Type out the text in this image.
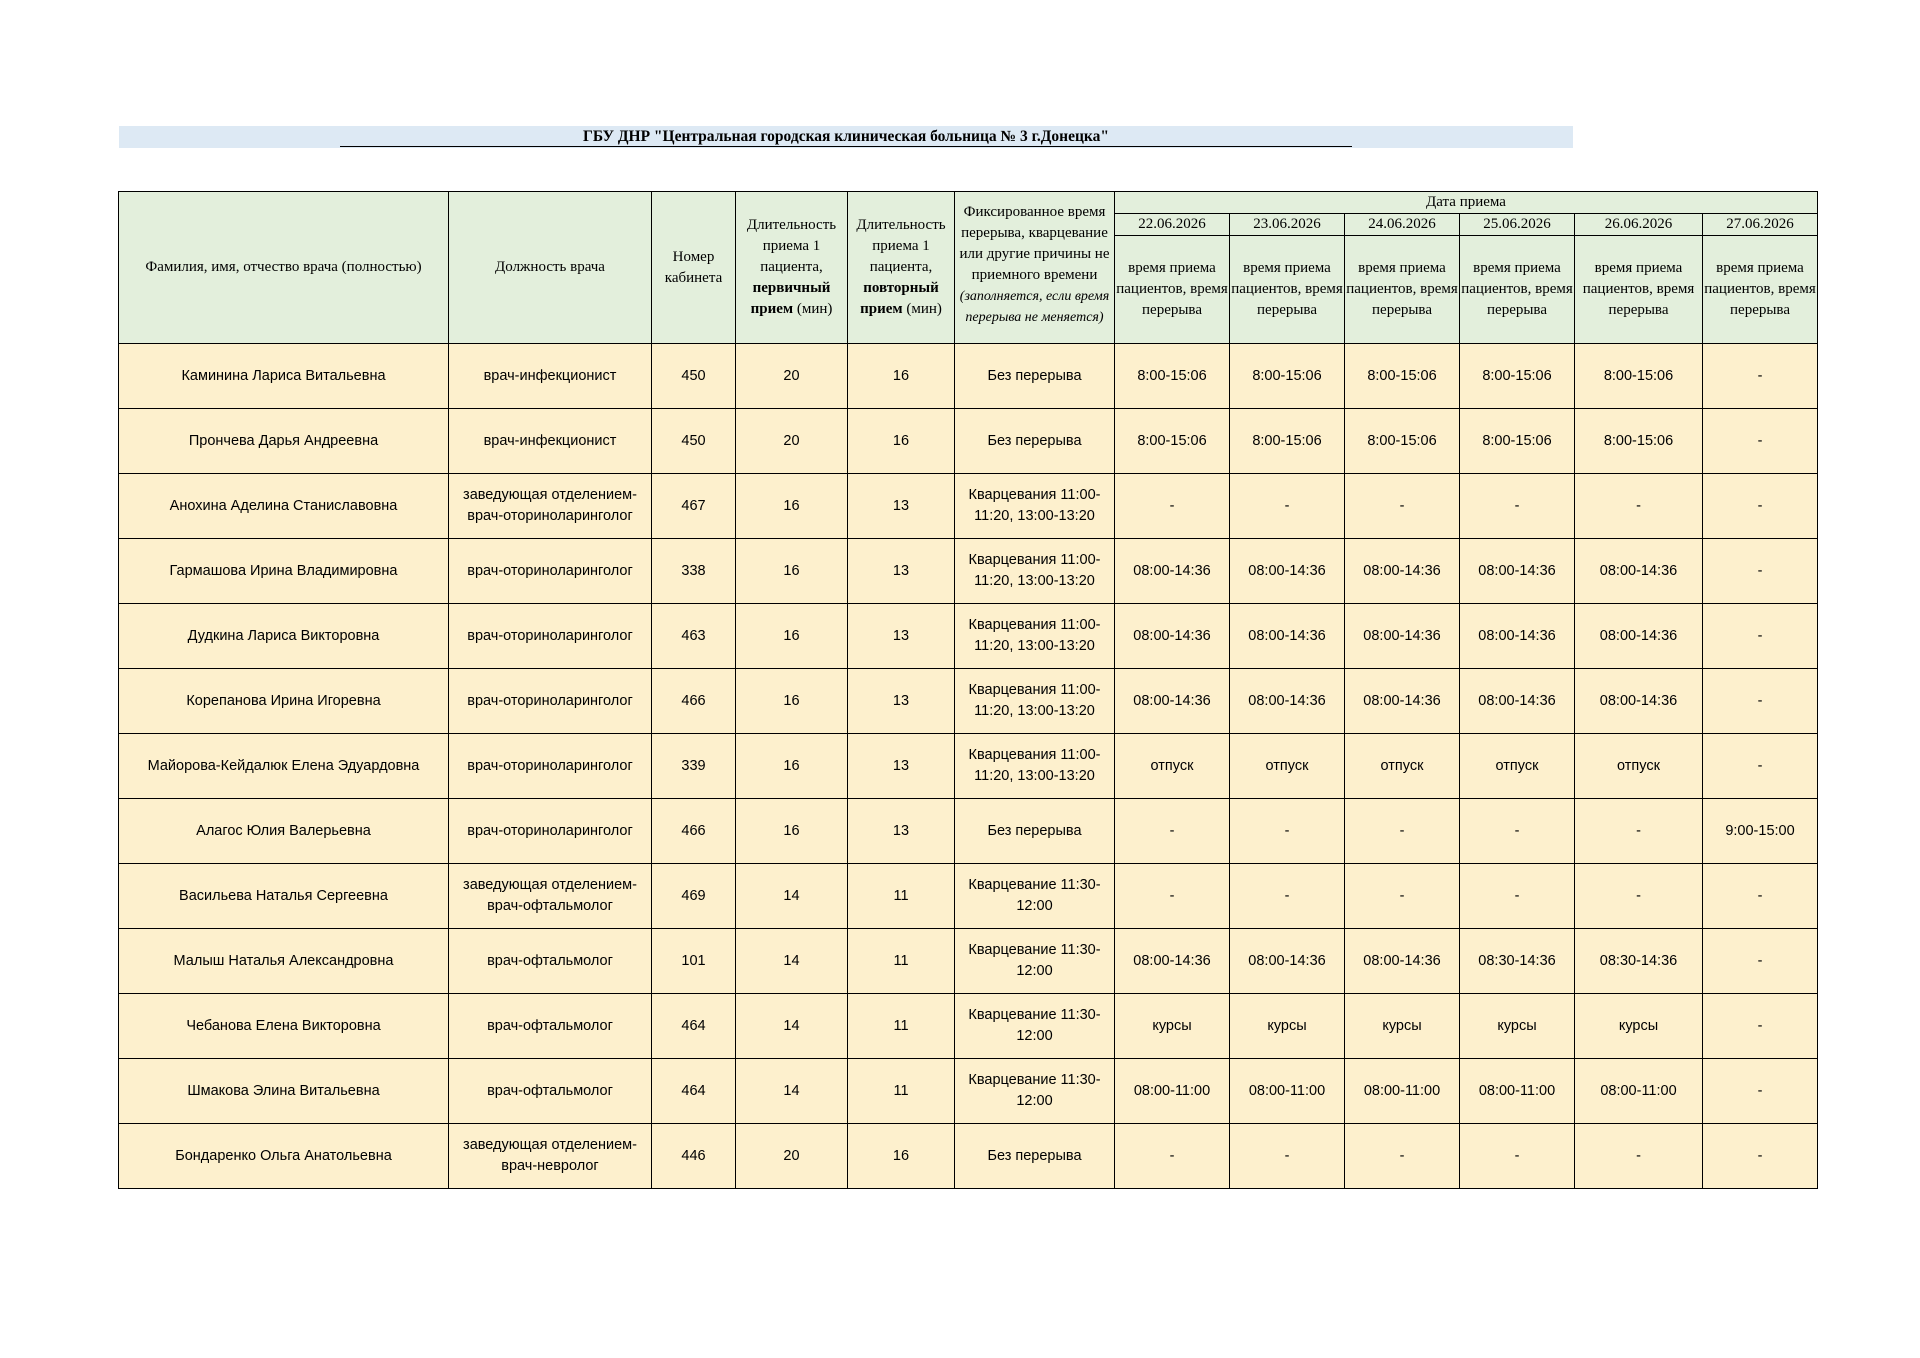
ГБУ ДНР "Центральная городская клиническая больница № 3 г.Донецка"
Фамилия, имя, отчество врача (полностью)	Должность врача	Номер кабинета	Длительность приема 1 пациента, первичный прием (мин)	Длительность приема 1 пациента, повторный прием (мин)	Фиксированное время перерыва, кварцевание или другие причины не приемного времени (заполняется, если время перерыва не меняется)	Дата приема					
						22.06.2026	23.06.2026	24.06.2026	25.06.2026	26.06.2026	27.06.2026
						время приема пациентов, время перерыва	время приема пациентов, время перерыва	время приема пациентов, время перерыва	время приема пациентов, время перерыва	время приема пациентов, время перерыва	время приема пациентов, время перерыва
Каминина Лариса Витальевна	врач-инфекционист	450	20	16	Без перерыва	8:00-15:06	8:00-15:06	8:00-15:06	8:00-15:06	8:00-15:06	-
Прончева Дарья Андреевна	врач-инфекционист	450	20	16	Без перерыва	8:00-15:06	8:00-15:06	8:00-15:06	8:00-15:06	8:00-15:06	-
Анохина Аделина Станиславовна	заведующая отделением-врач-оториноларинголог	467	16	13	Кварцевания 11:00-11:20, 13:00-13:20	-	-	-	-	-	-
Гармашова Ирина Владимировна	врач-оториноларинголог	338	16	13	Кварцевания 11:00-11:20, 13:00-13:20	08:00-14:36	08:00-14:36	08:00-14:36	08:00-14:36	08:00-14:36	-
Дудкина Лариса Викторовна	врач-оториноларинголог	463	16	13	Кварцевания 11:00-11:20, 13:00-13:20	08:00-14:36	08:00-14:36	08:00-14:36	08:00-14:36	08:00-14:36	-
Корепанова Ирина Игоревна	врач-оториноларинголог	466	16	13	Кварцевания 11:00-11:20, 13:00-13:20	08:00-14:36	08:00-14:36	08:00-14:36	08:00-14:36	08:00-14:36	-
Майорова-Кейдалюк Елена Эдуардовна	врач-оториноларинголог	339	16	13	Кварцевания 11:00-11:20, 13:00-13:20	отпуск	отпуск	отпуск	отпуск	отпуск	-
Алагос Юлия Валерьевна	врач-оториноларинголог	466	16	13	Без перерыва	-	-	-	-	-	9:00-15:00
Васильева Наталья Сергеевна	заведующая отделением-врач-офтальмолог	469	14	11	Кварцевание 11:30-12:00	-	-	-	-	-	-
Малыш Наталья Александровна	врач-офтальмолог	101	14	11	Кварцевание 11:30-12:00	08:00-14:36	08:00-14:36	08:00-14:36	08:30-14:36	08:30-14:36	-
Чебанова Елена Викторовна	врач-офтальмолог	464	14	11	Кварцевание 11:30-12:00	курсы	курсы	курсы	курсы	курсы	-
Шмакова Элина Витальевна	врач-офтальмолог	464	14	11	Кварцевание 11:30-12:00	08:00-11:00	08:00-11:00	08:00-11:00	08:00-11:00	08:00-11:00	-
Бондаренко Ольга Анатольевна	заведующая отделением-врач-невролог	446	20	16	Без перерыва	-	-	-	-	-	-
